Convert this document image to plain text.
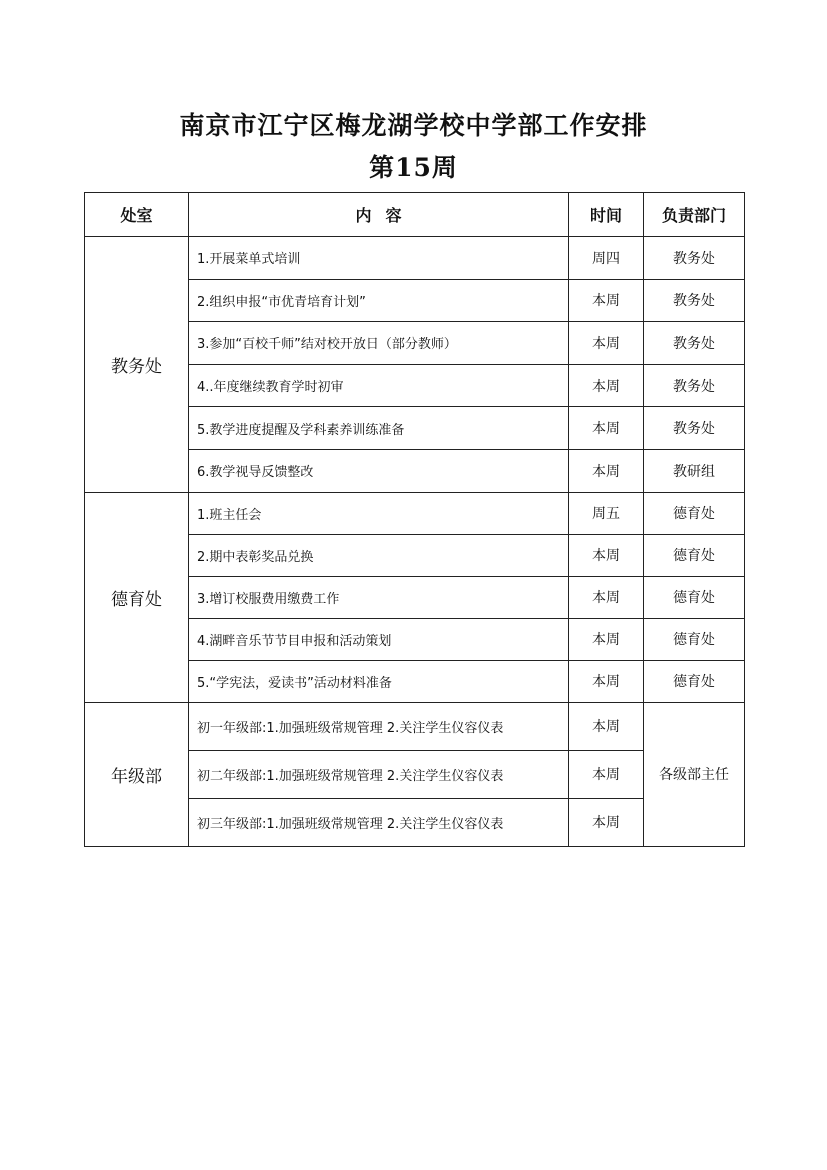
南京市江宁区梅龙湖学校中学部工作安排
第15周
处室	内容	时间	负责部门
教务处	1.开展菜单式培训	周四	教务处
	2.组织申报“市优青培育计划”	本周	教务处
	3.参加“百校千师”结对校开放日（部分教师）	本周	教务处
	4..年度继续教育学时初审	本周	教务处
	5.教学进度提醒及学科素养训练准备	本周	教务处
	6.教学视导反馈整改	本周	教研组
德育处	1.班主任会	周五	德育处
	2.期中表彰奖品兑换	本周	德育处
	3.增订校服费用缴费工作	本周	德育处
	4.湖畔音乐节节目申报和活动策划	本周	德育处
	5.“学宪法，爱读书”活动材料准备	本周	德育处
年级部	初一年级部:1.加强班级常规管理 2.关注学生仪容仪表	本周	各级部主任
	初二年级部:1.加强班级常规管理 2.关注学生仪容仪表	本周	
	初三年级部:1.加强班级常规管理 2.关注学生仪容仪表	本周	
